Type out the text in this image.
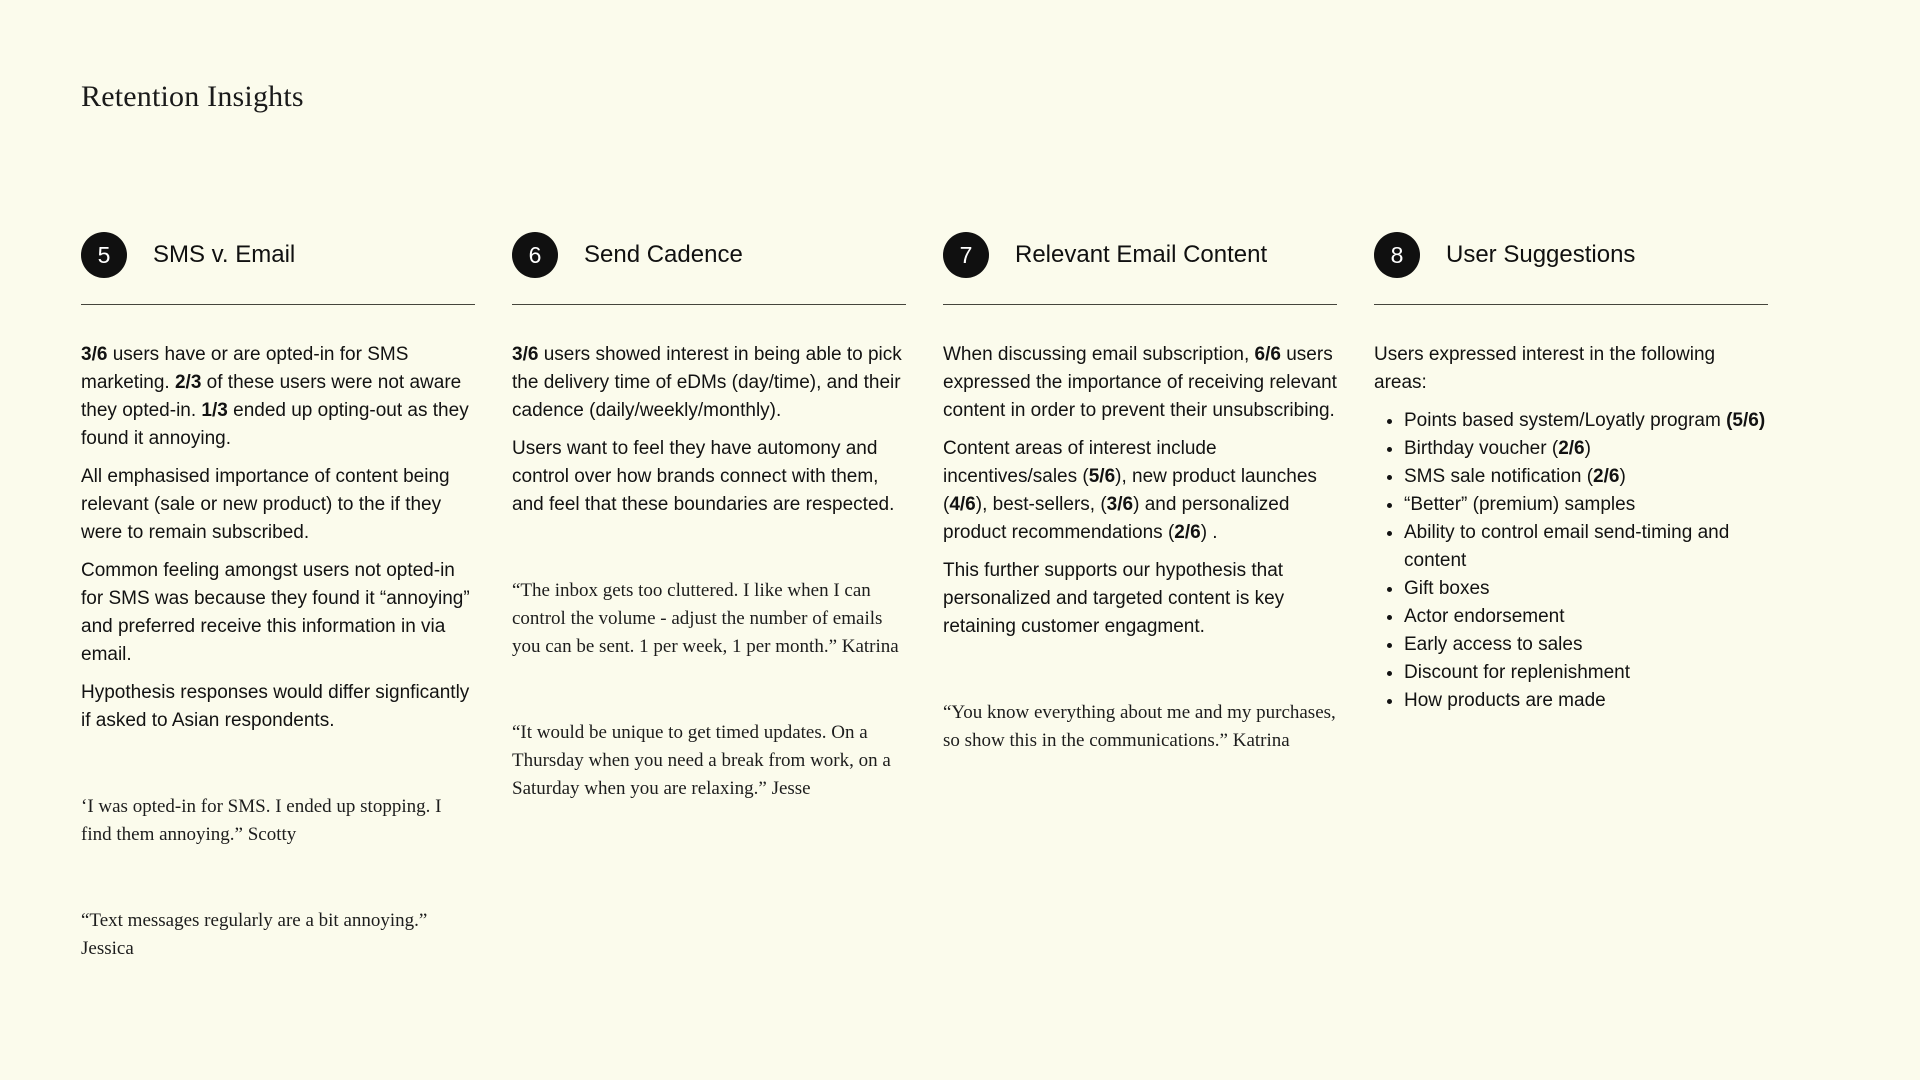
Retention Insights
5	SMS v. Email

3/6 users have or are opted-in for SMS marketing. 2/3 of these users were not aware they opted-in. 1/3 ended up opting-out as they found it annoying.

All emphasised importance of content being relevant (sale or new product) to the if they were to remain subscribed.

Common feeling amongst users not opted-in for SMS was because they found it “annoying” and preferred receive this information in via email.

Hypothesis responses would differ signficantly if asked to Asian respondents.

‘I was opted-in for SMS. I ended up stopping. I find them annoying.” Scotty

“Text messages regularly are a bit annoying.” Jessica

6	Send Cadence

3/6 users showed interest in being able to pick the delivery time of eDMs (day/time), and their cadence (daily/weekly/monthly).

Users want to feel they have automony and control over how brands connect with them, and feel that these boundaries are respected.

“The inbox gets too cluttered. I like when I can control the volume - adjust the number of emails you can be sent. 1 per week, 1 per month.” Katrina

“It would be unique to get timed updates. On a Thursday when you need a break from work, on a Saturday when you are relaxing.” Jesse

7	Relevant Email Content

When discussing email subscription, 6/6 users expressed the importance of receiving relevant content in order to prevent their unsubscribing.

Content areas of interest include incentives/sales (5/6), new product launches (4/6), best-sellers, (3/6) and personalized product recommendations (2/6) .

This further supports our hypothesis that personalized and targeted content is key retaining customer engagment.

“You know everything about me and my purchases, so show this in the communications.” Katrina

8	User Suggestions

Users expressed interest in the following areas:

• Points based system/Loyatly program (5/6)
• Birthday voucher (2/6)
• SMS sale notification (2/6)
• “Better” (premium) samples
• Ability to control email send-timing and content
• Gift boxes
• Actor endorsement
• Early access to sales
• Discount for replenishment
• How products are made
